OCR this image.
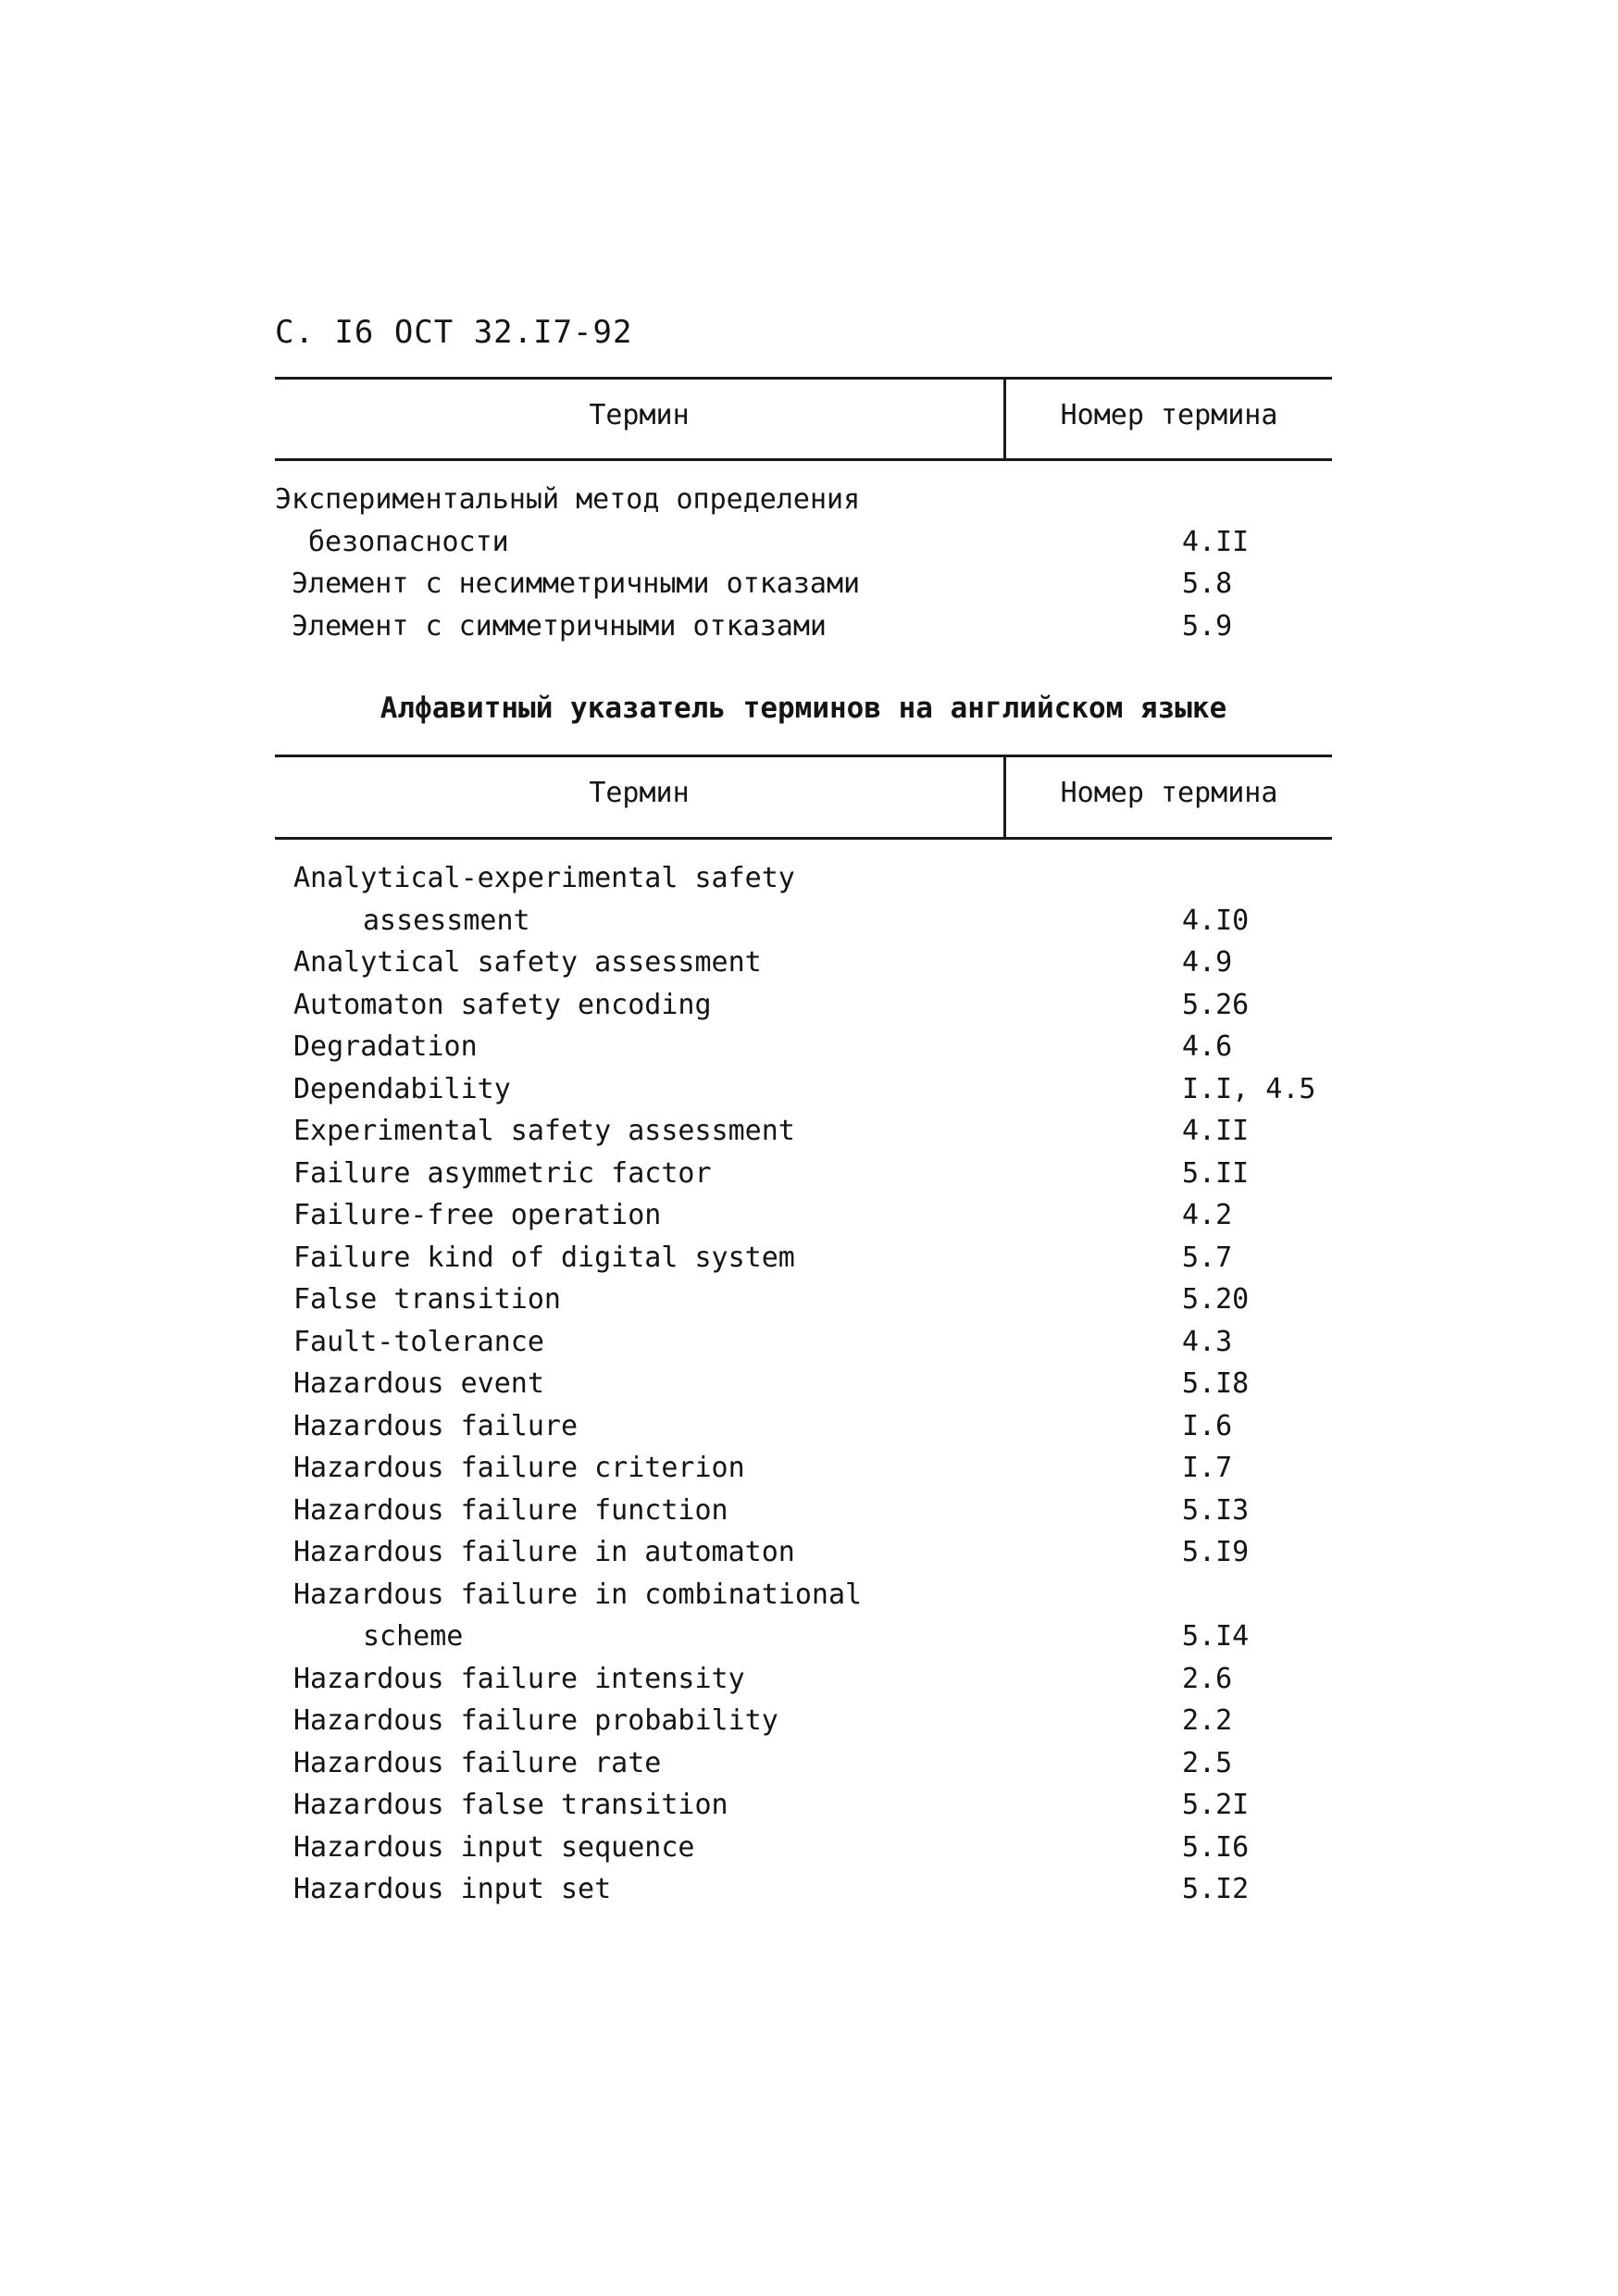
С. I6 ОСТ 32.I7-92
Термин	Номер термина
Экспериментальный метод определения
безопасности	4.II
Элемент с несимметричными отказами	5.8
Элемент с симметричными отказами	5.9
Алфавитный указатель терминов на английском языке
Термин	Номер термина
Analytical-experimental safety
assessment	4.I0
Analytical safety assessment	4.9
Automaton safety encoding	5.26
Degradation	4.6
Dependability	I.I, 4.5
Experimental safety assessment	4.II
Failure asymmetric factor	5.II
Failure-free operation	4.2
Failure kind of digital system	5.7
False transition	5.20
Fault-tolerance	4.3
Hazardous event	5.I8
Hazardous failure	I.6
Hazardous failure criterion	I.7
Hazardous failure function	5.I3
Hazardous failure in automaton	5.I9
Hazardous failure in combinational
scheme	5.I4
Hazardous failure intensity	2.6
Hazardous failure probability	2.2
Hazardous failure rate	2.5
Hazardous false transition	5.2I
Hazardous input sequence	5.I6
Hazardous input set	5.I2
